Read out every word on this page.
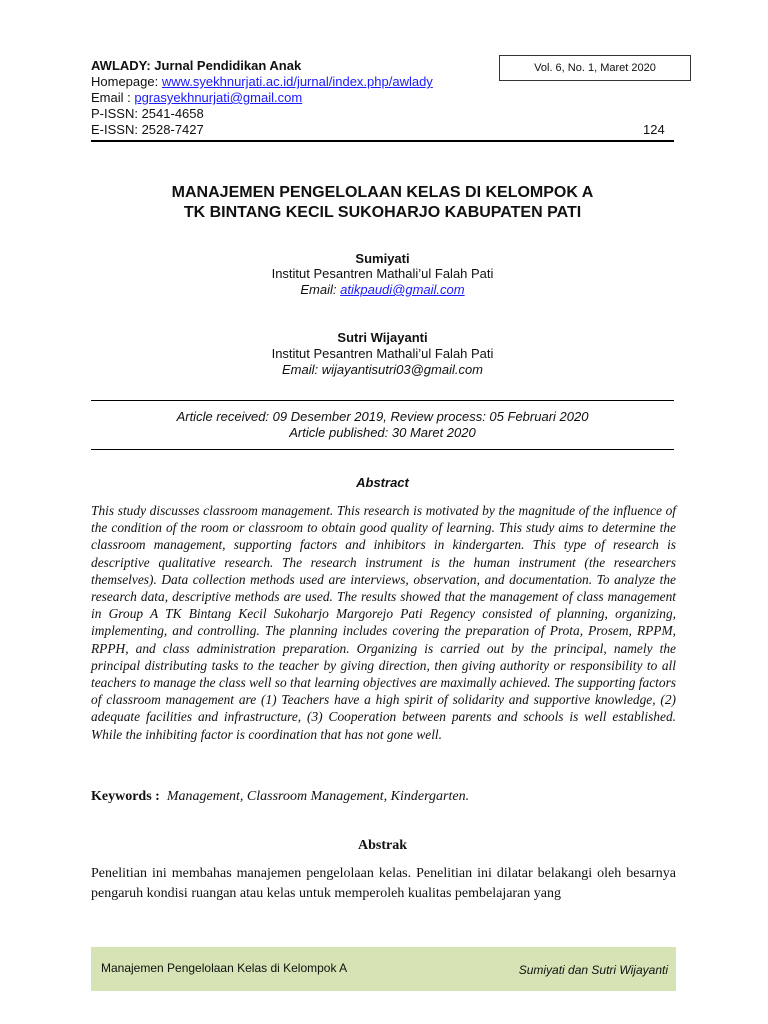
AWLADY: Jurnal Pendidikan Anak
Homepage: www.syekhnurjati.ac.id/jurnal/index.php/awlady
Email : pgrasyekhnurjati@gmail.com
P-ISSN: 2541-4658
E-ISSN: 2528-7427
Vol. 6, No. 1, Maret 2020
124
MANAJEMEN PENGELOLAAN KELAS DI KELOMPOK A
TK BINTANG KECIL SUKOHARJO KABUPATEN PATI
Sumiyati
Institut Pesantren Mathali’ul Falah Pati
Email: atikpaudi@gmail.com
Sutri Wijayanti
Institut Pesantren Mathali’ul Falah Pati
Email: wijayantisutri03@gmail.com
Article received: 09 Desember 2019, Review process: 05 Februari 2020
Article published: 30 Maret 2020
Abstract
This study discusses classroom management. This research is motivated by the magnitude of the influence of the condition of the room or classroom to obtain good quality of learning. This study aims to determine the classroom management, supporting factors and inhibitors in kindergarten. This type of research is descriptive qualitative research. The research instrument is the human instrument (the researchers themselves). Data collection methods used are interviews, observation, and documentation. To analyze the research data, descriptive methods are used. The results showed that the management of class management in Group A TK Bintang Kecil Sukoharjo Margorejo Pati Regency consisted of planning, organizing, implementing, and controlling. The planning includes covering the preparation of Prota, Prosem, RPPM, RPPH, and class administration preparation. Organizing is carried out by the principal, namely the principal distributing tasks to the teacher by giving direction, then giving authority or responsibility to all teachers to manage the class well so that learning objectives are maximally achieved. The supporting factors of classroom management are (1) Teachers have a high spirit of solidarity and supportive knowledge, (2) adequate facilities and infrastructure, (3) Cooperation between parents and schools is well established. While the inhibiting factor is coordination that has not gone well.
Keywords : Management, Classroom Management, Kindergarten.
Abstrak
Penelitian ini membahas manajemen pengelolaan kelas. Penelitian ini dilatar belakangi oleh besarnya pengaruh kondisi ruangan atau kelas untuk memperoleh kualitas pembelajaran yang
Manajemen Pengelolaan Kelas di Kelompok A	Sumiyati dan Sutri Wijayanti
